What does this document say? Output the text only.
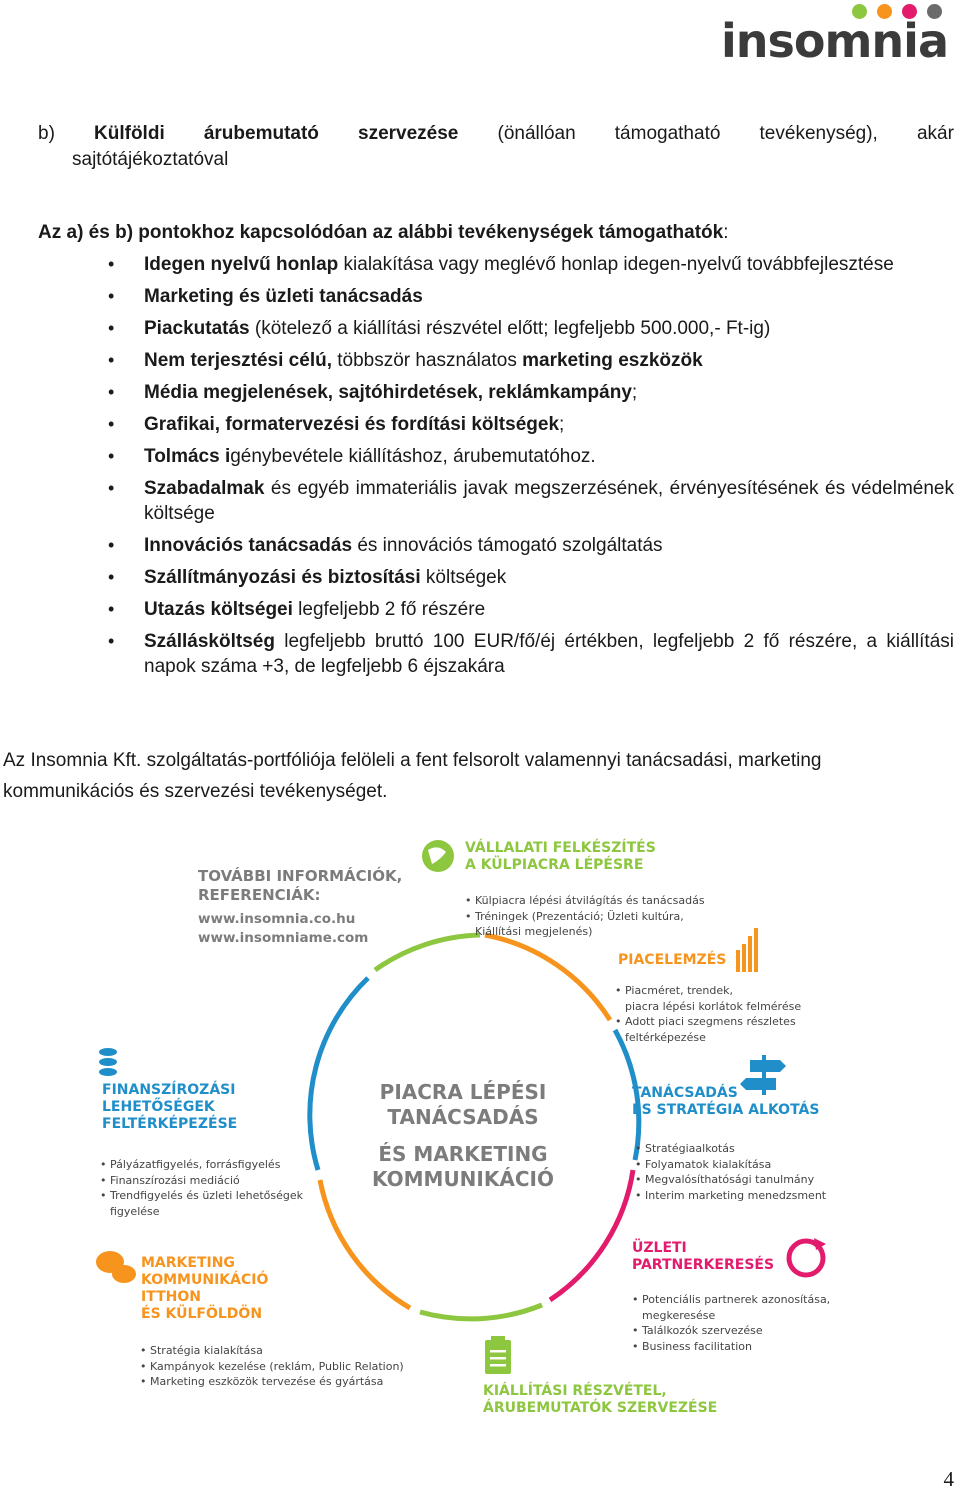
insomnia
b) Külföldi árubemutató szervezése (önállóan támogatható tevékenység), akár
sajtótájékoztatóval
Az a) és b) pontokhoz kapcsolódóan az alábbi tevékenységek támogathatók:
• Idegen nyelvű honlap kialakítása vagy meglévő honlap idegen-nyelvű továbbfejlesztése
• Marketing és üzleti tanácsadás
• Piackutatás (kötelező a kiállítási részvétel előtt; legfeljebb 500.000,- Ft-ig)
• Nem terjesztési célú, többször használatos marketing eszközök
• Média megjelenések, sajtóhirdetések, reklámkampány;
• Grafikai, formatervezési és fordítási költségek;
• Tolmács igénybevétele kiállításhoz, árubemutatóhoz.
• Szabadalmak és egyéb immateriális javak megszerzésének, érvényesítésének és védelmének költsége
• Innovációs tanácsadás és innovációs támogató szolgáltatás
• Szállítmányozási és biztosítási költségek
• Utazás költségei legfeljebb 2 fő részére
• Szállásköltség legfeljebb bruttó 100 EUR/fő/éj értékben, legfeljebb 2 fő részére, a kiállítási napok száma +3, de legfeljebb 6 éjszakára
Az Insomnia Kft. szolgáltatás-portfóliója felöleli a fent felsorolt valamennyi tanácsadási, marketing kommunikációs és szervezési tevékenységet.
TOVÁBBI INFORMÁCIÓK,
REFERENCIÁK:
www.insomnia.co.hu
www.insomniame.com
PIACRA LÉPÉSI
TANÁCSADÁS
ÉS MARKETING
KOMMUNIKÁCIÓ
VÁLLALATI FELKÉSZÍTÉS
A KÜLPIACRA LÉPÉSRE
• Külpiacra lépési átvilágítás és tanácsadás
• Tréningek (Prezentáció; Üzleti kultúra,
Kiállítási megjelenés)
PIACELEMZÉS
• Piacméret, trendek,
piacra lépési korlátok felmérése
• Adott piaci szegmens részletes
feltérképezése
TANÁCSADÁS
ÉS STRATÉGIA ALKOTÁS
• Stratégiaalkotás
• Folyamatok kialakítása
• Megvalósíthatósági tanulmány
• Interim marketing menedzsment
ÜZLETI
PARTNERKERESÉS
• Potenciális partnerek azonosítása,
megkeresése
• Találkozók szervezése
• Business facilitation
KIÁLLÍTÁSI RÉSZVÉTEL,
ÁRUBEMUTATÓK SZERVEZÉSE
MARKETING
KOMMUNIKÁCIÓ
ITTHON
ÉS KÜLFÖLDÖN
• Stratégia kialakítása
• Kampányok kezelése (reklám, Public Relation)
• Marketing eszközök tervezése és gyártása
FINANSZÍROZÁSI
LEHETŐSÉGEK
FELTÉRKÉPEZÉSE
• Pályázatfigyelés, forrásfigyelés
• Finanszírozási mediáció
• Trendfigyelés és üzleti lehetőségek
figyelése
4
